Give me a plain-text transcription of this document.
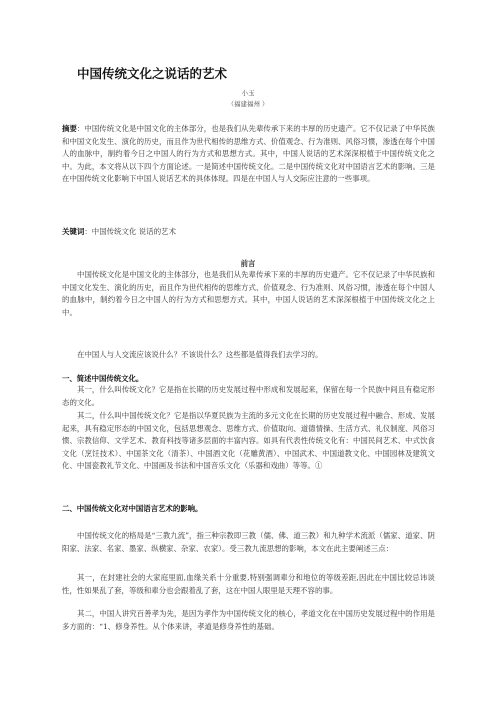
中国传统文化之说话的艺术
小玉
（福建福州 ）

摘要：中国传统文化是中国文化的主体部分，也是我们从先辈传承下来的丰厚的历史遗产。它不仅记录了中华民族和中国文化发生、演化的历史，而且作为世代相传的思维方式、价值观念、行为准则、风俗习惯，渗透在每个中国人的血脉中，制约着今日之中国人的行为方式和思想方式。其中，中国人说话的艺术深深根植于中国传统文化之中。为此，本文将从以下四个方面论述。一是简述中国传统文化。二是中国传统文化对中国语言艺术的影响。三是在中国传统文化影响下中国人说话艺术的具体体现。四是在中国人与人交际应注意的一些事项。

关键词：中国传统文化 说话的艺术

前言

中国传统文化是中国文化的主体部分，也是我们从先辈传承下来的丰厚的历史遗产。它不仅记录了中华民族和中国文化发生、演化的历史，而且作为世代相传的思维方式、价值观念、行为准则、风俗习惯，渗透在每个中国人的血脉中，制约着今日之中国人的行为方式和思想方式。其中，中国人说话的艺术深深根植于中国传统文化之上中。

在中国人与人交流应该说什么？不该说什么？这些都是值得我们去学习的。

一、简述中国传统文化。

其一，什么叫传统文化？它是指在长期的历史发展过程中形成和发展起来，保留在每一个民族中间且有稳定形态的文化。

其二，什么叫中国传统文化？它是指以华夏民族为主流的多元文化在长期的历史发展过程中融合、形成、发展起来，具有稳定形态的中国文化，包括思想观念、思维方式、价值取向、道德情操、生活方式、礼仪制度、风俗习惯、宗教信仰、文学艺术、教育科技等诸多层面的丰富内容。如具有代表性传统文化有：中国民间艺术、中式饮食文化（烹饪技术）、中国茶文化（清茶）、中国酒文化（花雕黄酒）、中国武术、中国道教文化、中国园林及建筑文化、中国瓷教礼节文化、中国画及书法和中国音乐文化（乐器和戏曲）等等。①

二、中国传统文化对中国语言艺术的影响。

中国传统文化的格局是“三教九流”，指三种宗教即三教（儒、佛、道三教）和九种学术流派（儒家、道家、阴阳家、法家、名家、墨家、纵横家、杂家、农家）。受三教九流思想的影响，本文在此主要阐述三点：

其一，在封建社会的大家庭里面,血缘关系十分重要,特别强调辈分和地位的等级差距,因此在中国比较忌讳谈性，性如果乱了套，等级和辈分也会跟着乱了套，这在中国人眼里是天理不容的事。

其二，中国人讲究百善孝为先，是因为孝作为中国传统文化的核心，孝道文化在中国历史发展过程中的作用是多方面的：“1、修身养性。从个体来讲，孝道是修身养性的基础。
